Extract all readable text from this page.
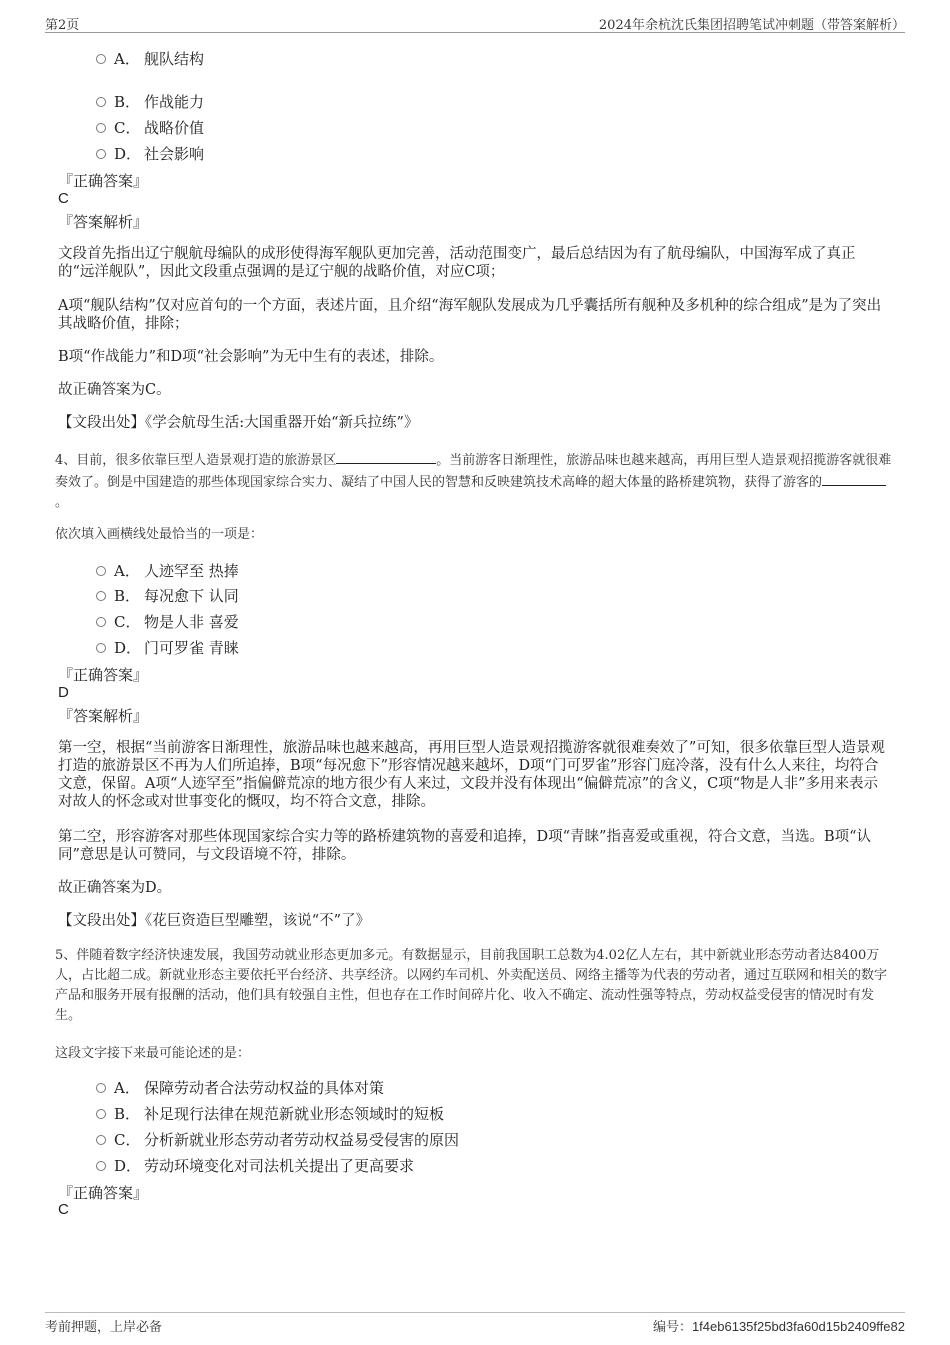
第2页	2024年余杭沈氏集团招聘笔试冲刺题（带答案解析）
A． 舰队结构
B． 作战能力
C． 战略价值
D． 社会影响
『正确答案』
C
『答案解析』
文段首先指出辽宁舰航母编队的成形使得海军舰队更加完善，活动范围变广，最后总结因为有了航母编队，中国海军成了真正的“远洋舰队”，因此文段重点强调的是辽宁舰的战略价值，对应C项；
A项“舰队结构”仅对应首句的一个方面，表述片面，且介绍“海军舰队发展成为几乎囊括所有舰种及多机种的综合组成”是为了突出其战略价值，排除；
B项“作战能力”和D项“社会影响”为无中生有的表述，排除。
故正确答案为C。
【文段出处】《学会航母生活:大国重器开始“新兵拉练”》
4、目前，很多依靠巨型人造景观打造的旅游景区	。当前游客日渐理性，旅游品味也越来越高，再用巨型人造景观招揽游客就很难奏效了。倒是中国建造的那些体现国家综合实力、凝结了中国人民的智慧和反映建筑技术高峰的超大体量的路桥建筑物，获得了游客的。
依次填入画横线处最恰当的一项是：
A． 人迹罕至 热捧
B． 每况愈下 认同
C． 物是人非 喜爱
D． 门可罗雀 青睐
『正确答案』
D
『答案解析』
第一空，根据“当前游客日渐理性，旅游品味也越来越高，再用巨型人造景观招揽游客就很难奏效了”可知，很多依靠巨型人造景观打造的旅游景区不再为人们所追捧，B项“每况愈下”形容情况越来越坏，D项“门可罗雀”形容门庭冷落，没有什么人来往，均符合文意，保留。A项“人迹罕至”指偏僻荒凉的地方很少有人来过，文段并没有体现出“偏僻荒凉”的含义，C项“物是人非”多用来表示对故人的怀念或对世事变化的慨叹，均不符合文意，排除。
第二空，形容游客对那些体现国家综合实力等的路桥建筑物的喜爱和追捧，D项“青睐”指喜爱或重视，符合文意，当选。B项“认同”意思是认可赞同，与文段语境不符，排除。
故正确答案为D。
【文段出处】《花巨资造巨型雕塑，该说“不”了》
5、伴随着数字经济快速发展，我国劳动就业形态更加多元。有数据显示，目前我国职工总数为4.02亿人左右，其中新就业形态劳动者达8400万人，占比超二成。新就业形态主要依托平台经济、共享经济。以网约车司机、外卖配送员、网络主播等为代表的劳动者，通过互联网和相关的数字产品和服务开展有报酬的活动，他们具有较强自主性，但也存在工作时间碎片化、收入不确定、流动性强等特点，劳动权益受侵害的情况时有发生。
这段文字接下来最可能论述的是：
A． 保障劳动者合法劳动权益的具体对策
B． 补足现行法律在规范新就业形态领域时的短板
C． 分析新就业形态劳动者劳动权益易受侵害的原因
D． 劳动环境变化对司法机关提出了更高要求
『正确答案』
C
考前押题，上岸必备	编号：1f4eb6135f25bd3fa60d15b2409ffe82
